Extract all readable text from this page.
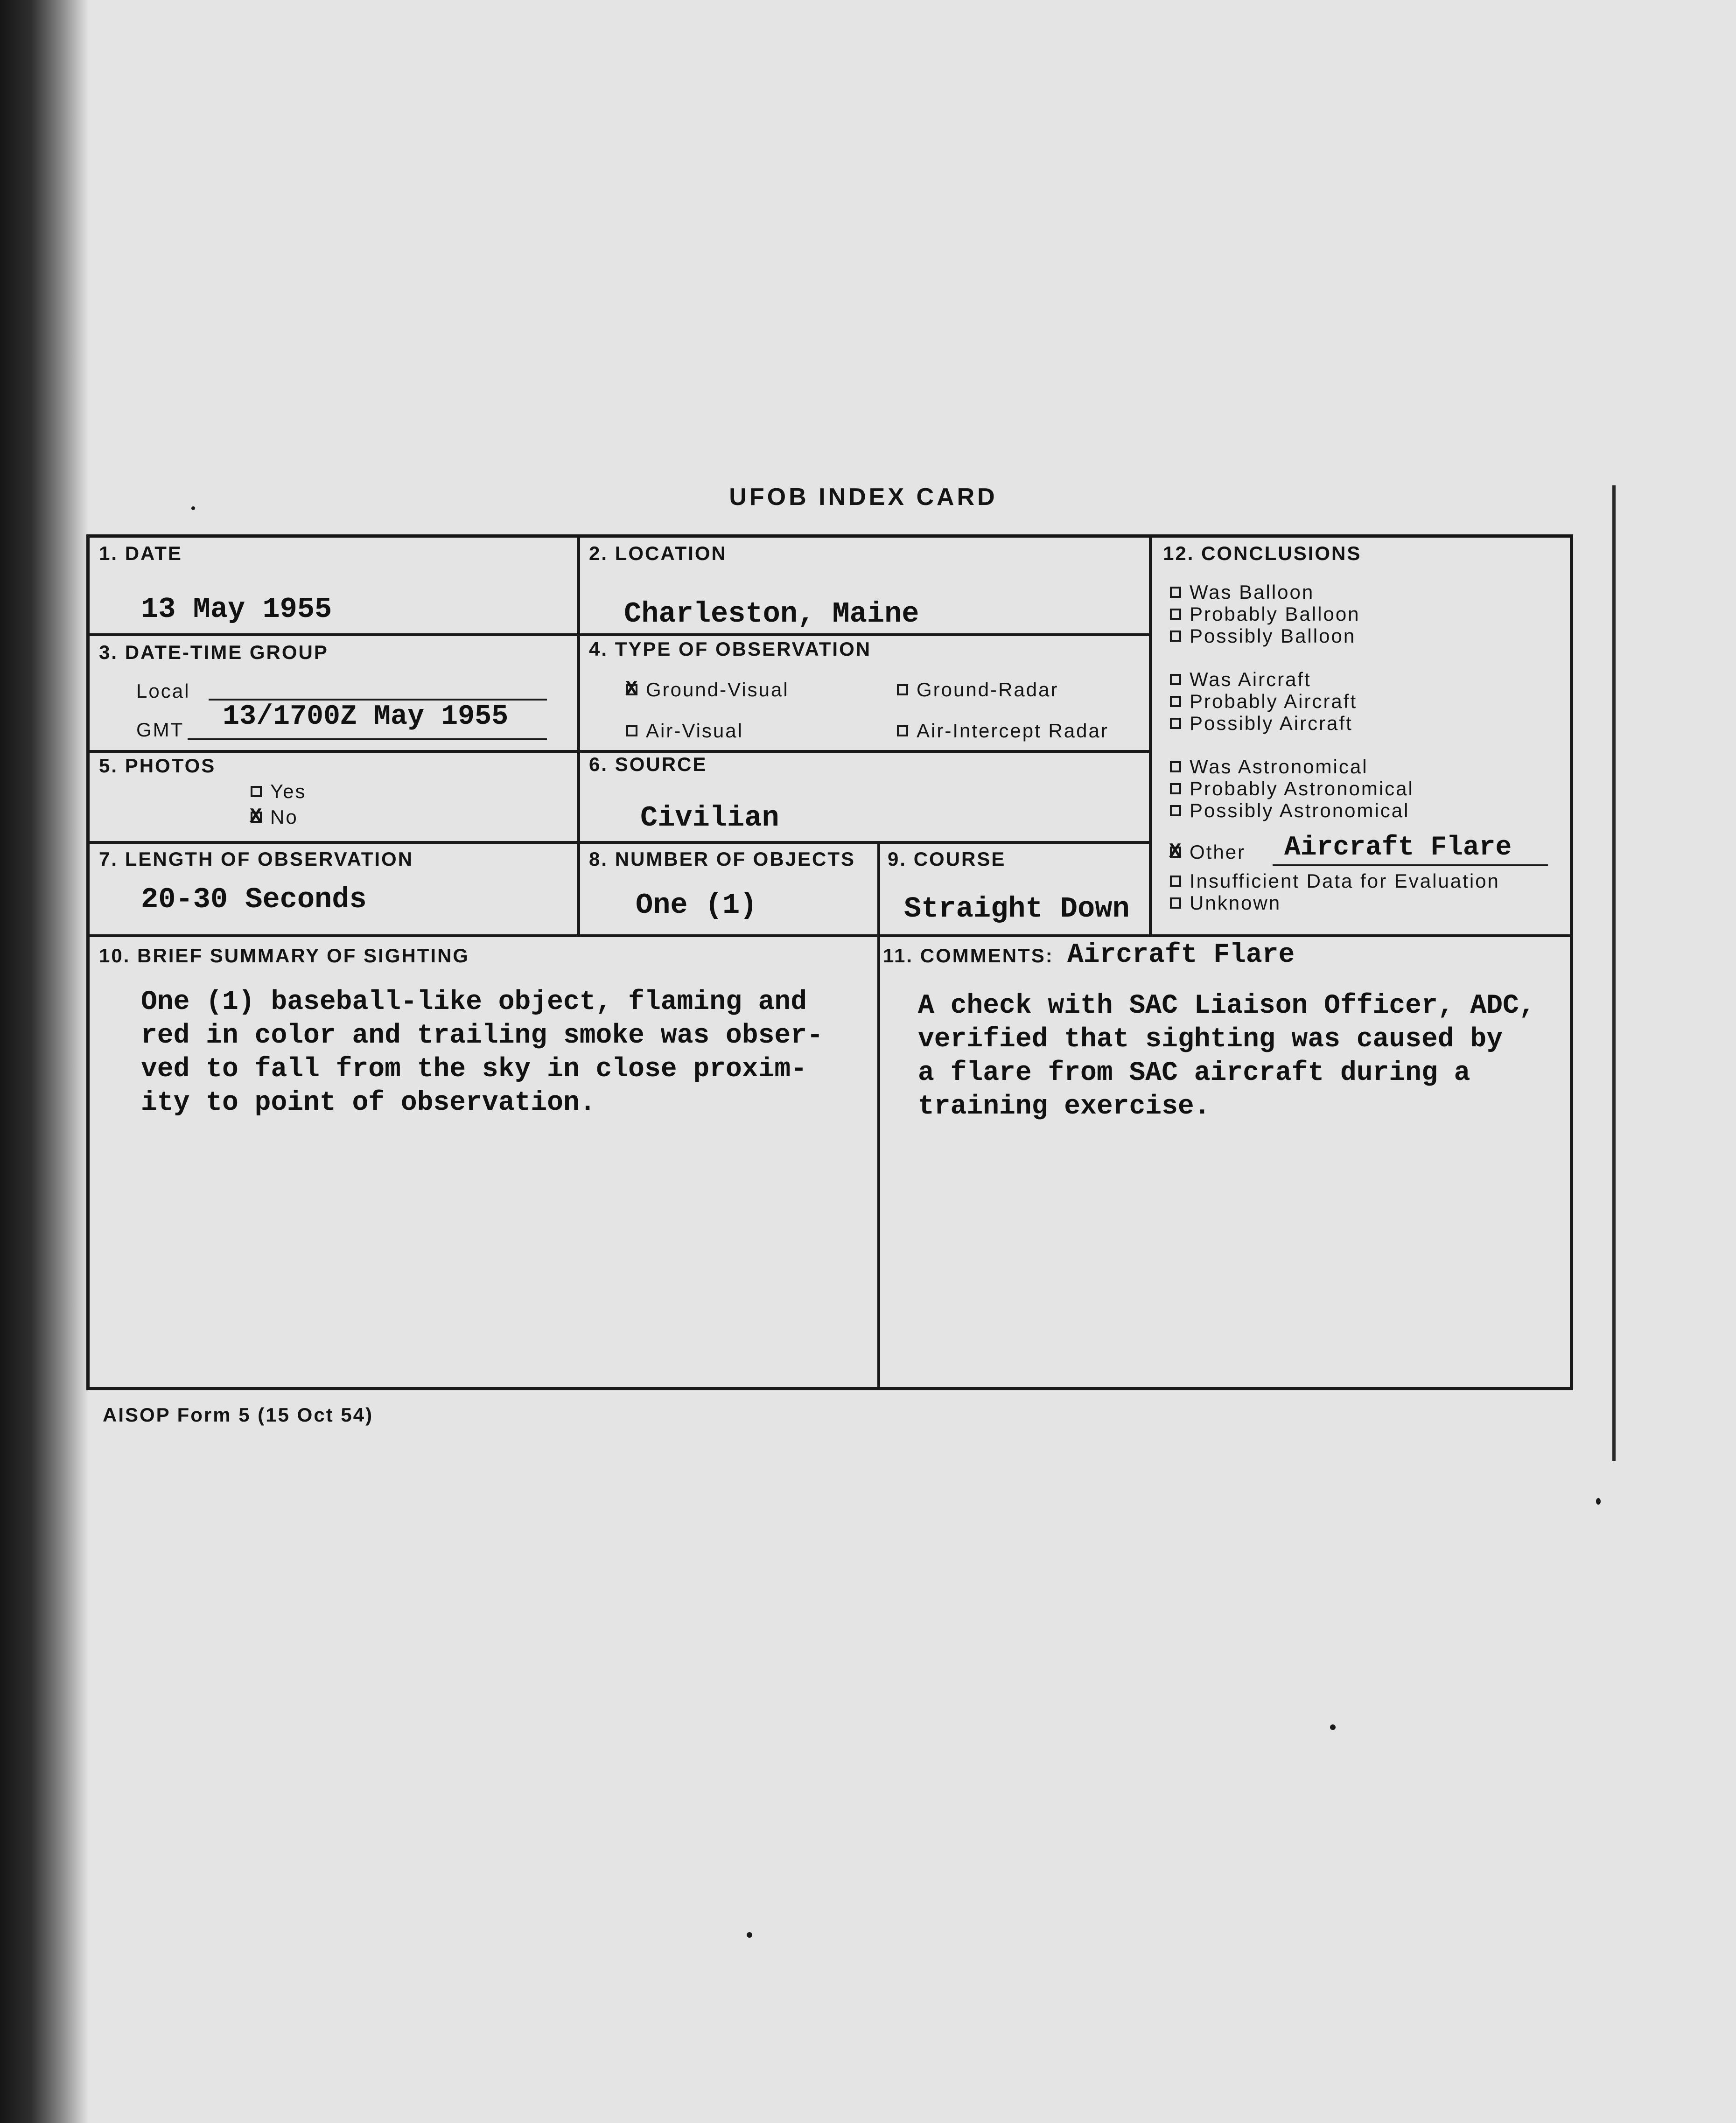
UFOB INDEX CARD
1. DATE
13 May 1955
2. LOCATION
Charleston, Maine
3. DATE-TIME GROUP
Local
13/1700Z May 1955
GMT
4. TYPE OF OBSERVATION
X
Ground-Visual	Ground-Radar
Air-Visual	Air-Intercept Radar
5. PHOTOS
Yes
X
No
6. SOURCE
Civilian
7. LENGTH OF OBSERVATION
20-30 Seconds
8. NUMBER OF OBJECTS
One (1)
9. COURSE
Straight Down
10. BRIEF SUMMARY OF SIGHTING
One (1) baseball-like object, flaming and
red in color and trailing smoke was obser-
ved to fall from the sky in close proxim-
ity to point of observation.
11. COMMENTS: Aircraft Flare
A check with SAC Liaison Officer, ADC,
verified that sighting was caused by
a flare from SAC aircraft during a
training exercise.
12. CONCLUSIONS
Was Balloon
Probably Balloon
Possibly Balloon
Was Aircraft
Probably Aircraft
Possibly Aircraft
Was Astronomical
Probably Astronomical
Possibly Astronomical
X
Other Aircraft Flare
Insufficient Data for Evaluation
Unknown
AISOP Form 5 (15 Oct 54)
